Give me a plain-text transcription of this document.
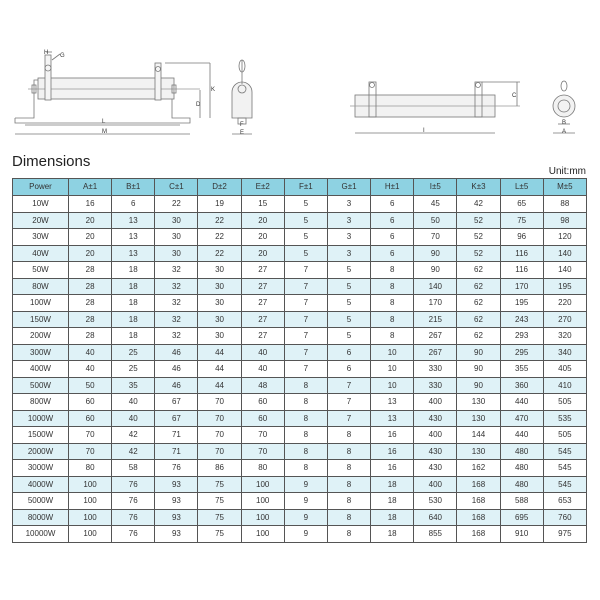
H G
K
D
L
M
F
E
C
I
B
A
Dimensions
Unit:mm
Power	A±1	B±1	C±1	D±2	E±2	F±1	G±1	H±1	I±5	K±3	L±5	M±5
10W	16	6	22	19	15	5	3	6	45	42	65	88
20W	20	13	30	22	20	5	3	6	50	52	75	98
30W	20	13	30	22	20	5	3	6	70	52	96	120
40W	20	13	30	22	20	5	3	6	90	52	116	140
50W	28	18	32	30	27	7	5	8	90	62	116	140
80W	28	18	32	30	27	7	5	8	140	62	170	195
100W	28	18	32	30	27	7	5	8	170	62	195	220
150W	28	18	32	30	27	7	5	8	215	62	243	270
200W	28	18	32	30	27	7	5	8	267	62	293	320
300W	40	25	46	44	40	7	6	10	267	90	295	340
400W	40	25	46	44	40	7	6	10	330	90	355	405
500W	50	35	46	44	48	8	7	10	330	90	360	410
800W	60	40	67	70	60	8	7	13	400	130	440	505
1000W	60	40	67	70	60	8	7	13	430	130	470	535
1500W	70	42	71	70	70	8	8	16	400	144	440	505
2000W	70	42	71	70	70	8	8	16	430	130	480	545
3000W	80	58	76	86	80	8	8	16	430	162	480	545
4000W	100	76	93	75	100	9	8	18	400	168	480	545
5000W	100	76	93	75	100	9	8	18	530	168	588	653
8000W	100	76	93	75	100	9	8	18	640	168	695	760
10000W	100	76	93	75	100	9	8	18	855	168	910	975
